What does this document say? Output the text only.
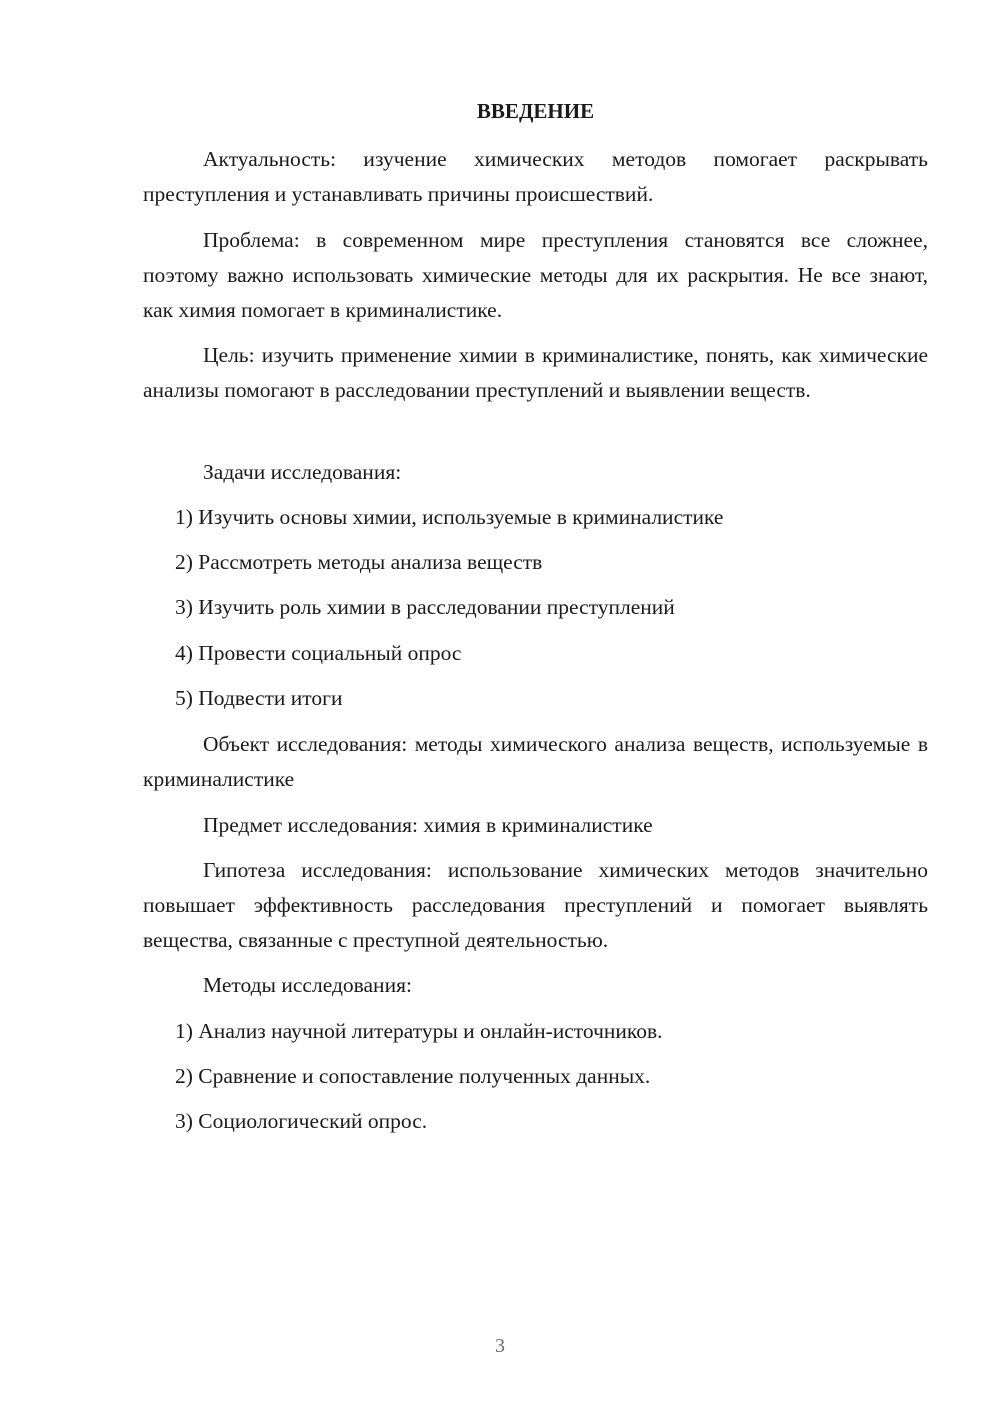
ВВЕДЕНИЕ

Актуальность: изучение химических методов помогает раскрывать преступления и устанавливать причины происшествий.

Проблема: в современном мире преступления становятся все сложнее, поэтому важно использовать химические методы для их раскрытия. Не все знают, как химия помогает в криминалистике.

Цель: изучить применение химии в криминалистике, понять, как химические анализы помогают в расследовании преступлений и выявлении веществ.

Задачи исследования:

1) Изучить основы химии, используемые в криминалистике

2) Рассмотреть методы анализа веществ

3) Изучить роль химии в расследовании преступлений

4) Провести социальный опрос

5) Подвести итоги

Объект исследования: методы химического анализа веществ, используемые в криминалистике

Предмет исследования: химия в криминалистике

Гипотеза исследования: использование химических методов значительно повышает эффективность расследования преступлений и помогает выявлять вещества, связанные с преступной деятельностью.

Методы исследования:

1) Анализ научной литературы и онлайн-источников.

2) Сравнение и сопоставление полученных данных.

3) Социологический опрос.

3
